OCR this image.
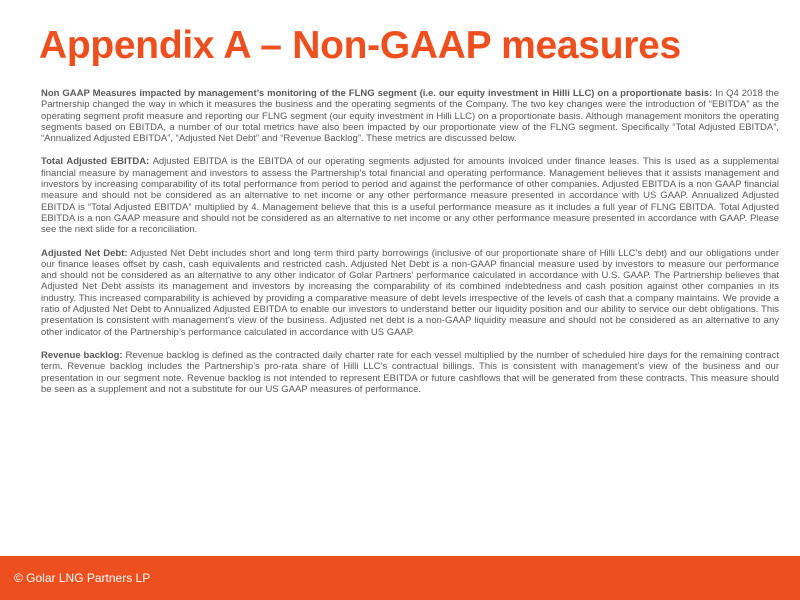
Appendix A – Non-GAAP measures

Non GAAP Measures impacted by management’s monitoring of the FLNG segment (i.e. our equity investment in Hilli LLC) on a proportionate basis: In Q4 2018 the Partnership changed the way in which it measures the business and the operating segments of the Company. The two key changes were the introduction of “EBITDA” as the operating segment profit measure and reporting our FLNG segment (our equity investment in Hilli LLC) on a proportionate basis. Although management monitors the operating segments based on EBITDA, a number of our total metrics have also been impacted by our proportionate view of the FLNG segment. Specifically “Total Adjusted EBITDA”, “Annualized Adjusted EBITDA”, “Adjusted Net Debt” and “Revenue Backlog”. These metrics are discussed below.

Total Adjusted EBITDA: Adjusted EBITDA is the EBITDA of our operating segments adjusted for amounts invoiced under finance leases. This is used as a supplemental financial measure by management and investors to assess the Partnership’s total financial and operating performance. Management believes that it assists management and investors by increasing comparability of its total performance from period to period and against the performance of other companies. Adjusted EBITDA is a non GAAP financial measure and should not be considered as an alternative to net income or any other performance measure presented in accordance with US GAAP. Annualized Adjusted EBITDA is “Total Adjusted EBITDA” multiplied by 4. Management believe that this is a useful performance measure as it includes a full year of FLNG EBITDA. Total Adjusted EBITDA is a non GAAP measure and should not be considered as an alternative to net income or any other performance measure presented in accordance with GAAP. Please see the next slide for a reconciliation.

Adjusted Net Debt: Adjusted Net Debt includes short and long term third party borrowings (inclusive of our proportionate share of Hilli LLC’s debt) and our obligations under our finance leases offset by cash, cash equivalents and restricted cash. Adjusted Net Debt is a non-GAAP financial measure used by investors to measure our performance and should not be considered as an alternative to any other indicator of Golar Partners' performance calculated in accordance with U.S. GAAP. The Partnership believes that Adjusted Net Debt assists its management and investors by increasing the comparability of its combined indebtedness and cash position against other companies in its industry. This increased comparability is achieved by providing a comparative measure of debt levels irrespective of the levels of cash that a company maintains. We provide a ratio of Adjusted Net Debt to Annualized Adjusted EBITDA to enable our investors to understand better our liquidity position and our ability to service our debt obligations. This presentation is consistent with management’s view of the business. Adjusted net debt is a non-GAAP liquidity measure and should not be considered as an alternative to any other indicator of the Partnership’s performance calculated in accordance with US GAAP.

Revenue backlog: Revenue backlog is defined as the contracted daily charter rate for each vessel multiplied by the number of scheduled hire days for the remaining contract term. Revenue backlog includes the Partnership’s pro-rata share of Hilli LLC’s contractual billings. This is consistent with management’s view of the business and our presentation in our segment note. Revenue backlog is not intended to represent EBITDA or future cashflows that will be generated from these contracts. This measure should be seen as a supplement and not a substitute for our US GAAP measures of performance.

© Golar LNG Partners LP
